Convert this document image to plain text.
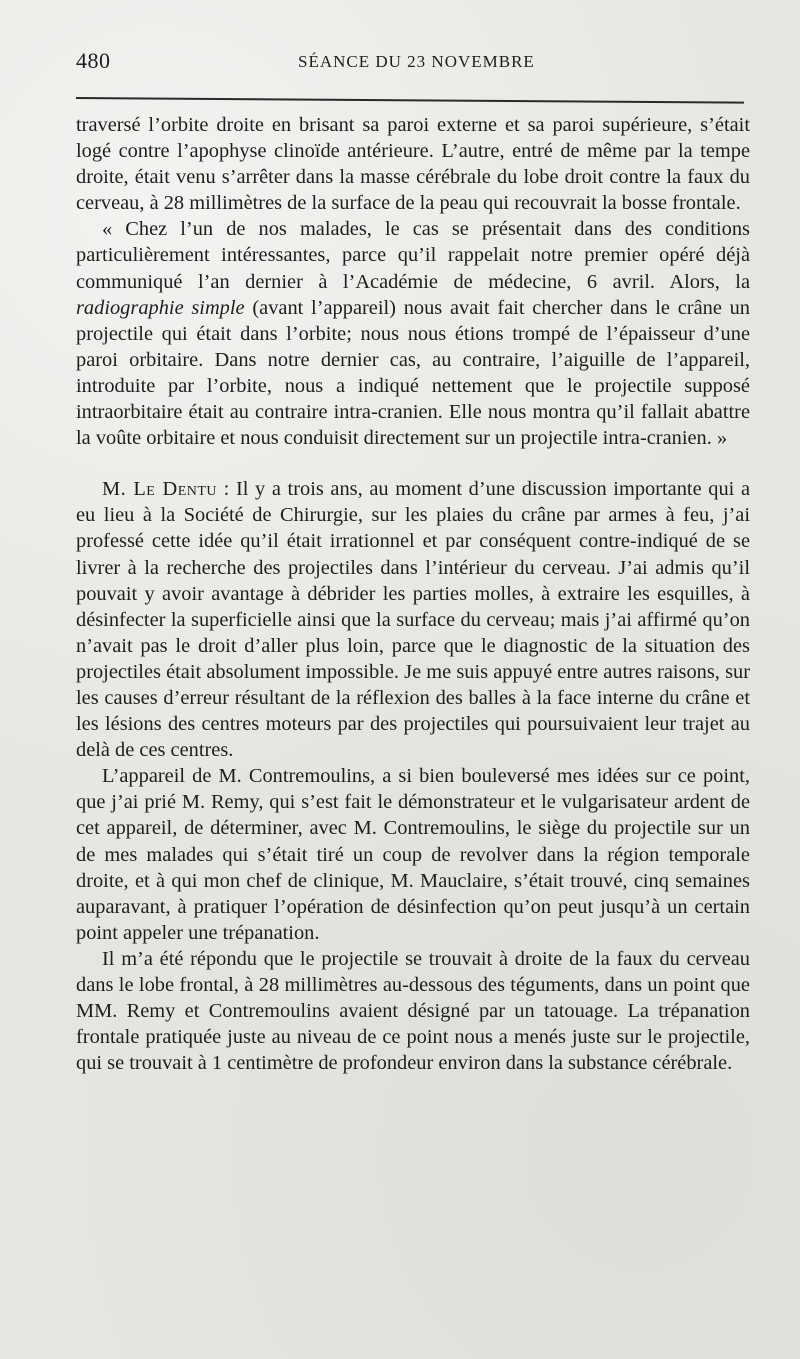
480	SÉANCE DU 23 NOVEMBRE

traversé l’orbite droite en brisant sa paroi externe et sa paroi supérieure, s’était logé contre l’apophyse clinoïde antérieure. L’autre, entré de même par la tempe droite, était venu s’arrêter dans la masse cérébrale du lobe droit contre la faux du cerveau, à 28 millimètres de la surface de la peau qui recouvrait la bosse frontale.

« Chez l’un de nos malades, le cas se présentait dans des conditions particulièrement intéressantes, parce qu’il rappelait notre premier opéré déjà communiqué l’an dernier à l’Académie de médecine, 6 avril. Alors, la radiographie simple (avant l’appareil) nous avait fait chercher dans le crâne un projectile qui était dans l’orbite; nous nous étions trompé de l’épaisseur d’une paroi orbitaire. Dans notre dernier cas, au contraire, l’aiguille de l’appareil, introduite par l’orbite, nous a indiqué nettement que le projectile supposé intraorbitaire était au contraire intra-cranien. Elle nous montra qu’il fallait abattre la voûte orbitaire et nous conduisit directement sur un projectile intra-cranien. »

M. Le Dentu : Il y a trois ans, au moment d’une discussion importante qui a eu lieu à la Société de Chirurgie, sur les plaies du crâne par armes à feu, j’ai professé cette idée qu’il était irrationnel et par conséquent contre-indiqué de se livrer à la recherche des projectiles dans l’intérieur du cerveau. J’ai admis qu’il pouvait y avoir avantage à débrider les parties molles, à extraire les esquilles, à désinfecter la superficielle ainsi que la surface du cerveau; mais j’ai affirmé qu’on n’avait pas le droit d’aller plus loin, parce que le diagnostic de la situation des projectiles était absolument impossible. Je me suis appuyé entre autres raisons, sur les causes d’erreur résultant de la réflexion des balles à la face interne du crâne et les lésions des centres moteurs par des projectiles qui poursuivaient leur trajet au delà de ces centres.

L’appareil de M. Contremoulins, a si bien bouleversé mes idées sur ce point, que j’ai prié M. Remy, qui s’est fait le démonstrateur et le vulgarisateur ardent de cet appareil, de déterminer, avec M. Contremoulins, le siège du projectile sur un de mes malades qui s’était tiré un coup de revolver dans la région temporale droite, et à qui mon chef de clinique, M. Mauclaire, s’était trouvé, cinq semaines auparavant, à pratiquer l’opération de désinfection qu’on peut jusqu’à un certain point appeler une trépanation.

Il m’a été répondu que le projectile se trouvait à droite de la faux du cerveau dans le lobe frontal, à 28 millimètres au-dessous des téguments, dans un point que MM. Remy et Contremoulins avaient désigné par un tatouage. La trépanation frontale pratiquée juste au niveau de ce point nous a menés juste sur le projectile, qui se trouvait à 1 centimètre de profondeur environ dans la substance cérébrale.
